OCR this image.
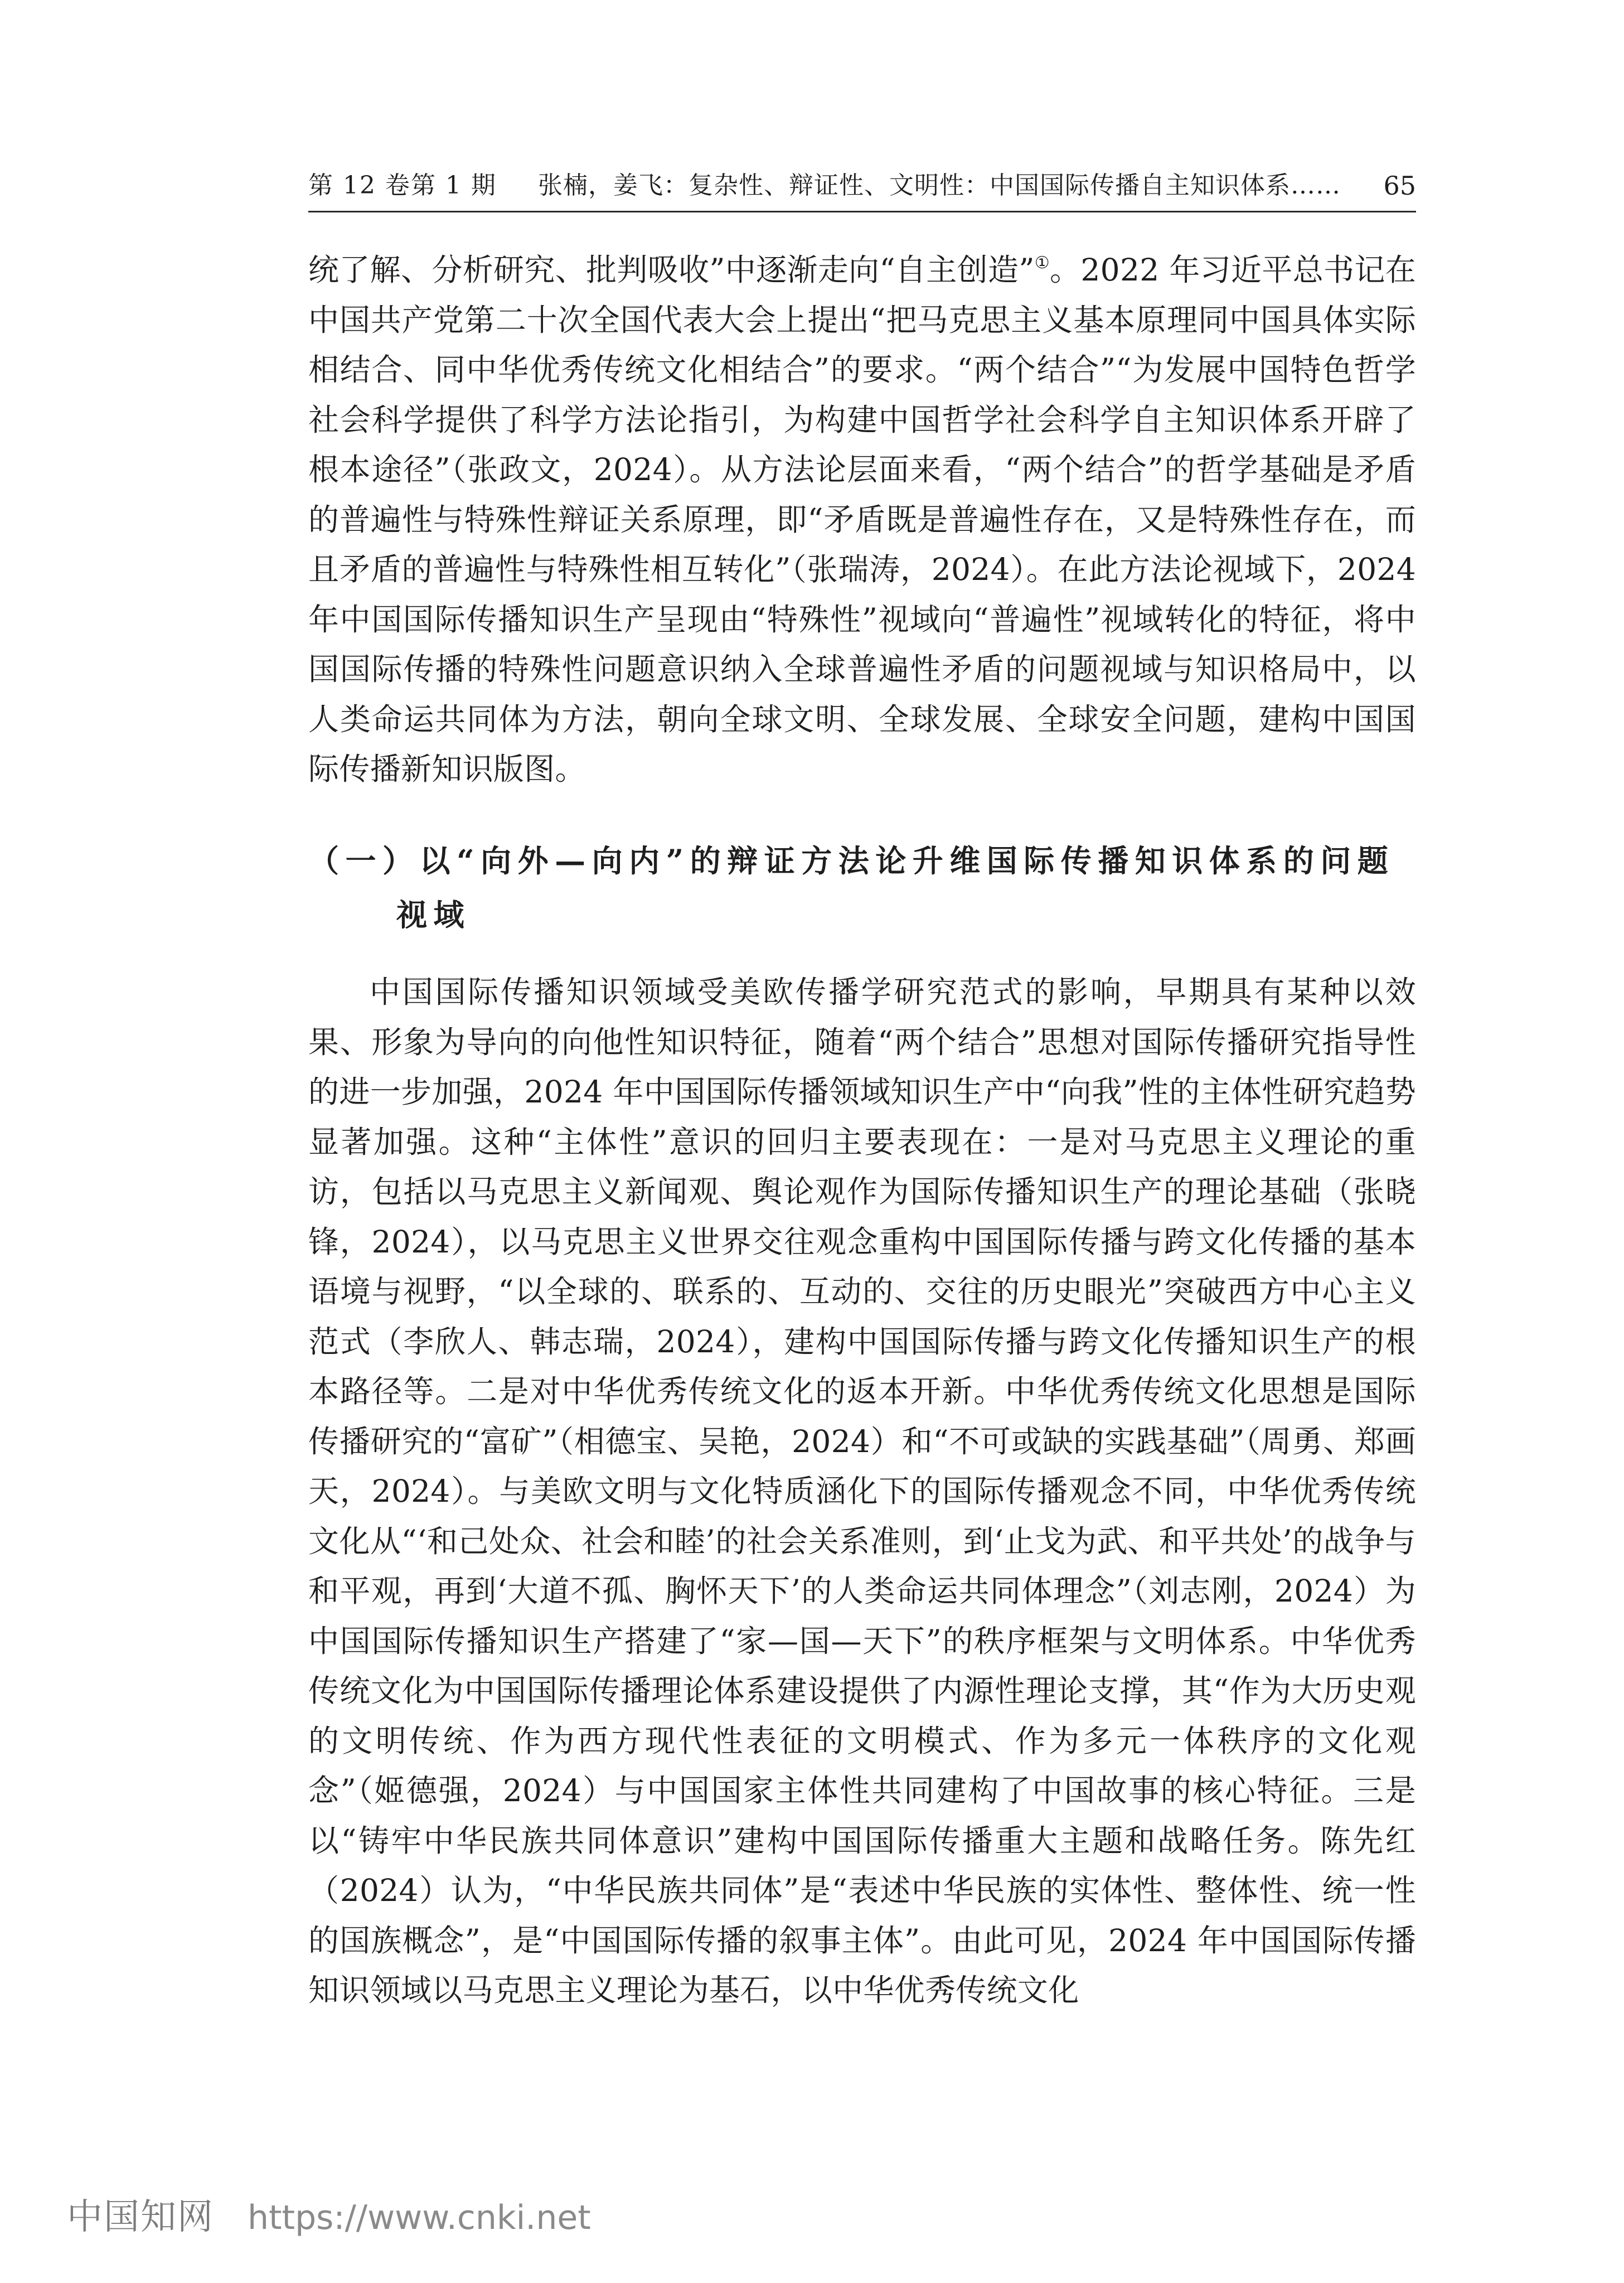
第 12 卷第 1 期 张楠，姜飞：复杂性、辩证性、文明性：中国国际传播自主知识体系…… 65

统了解、分析研究、批判吸收”中逐渐走向“自主创造”①。2022 年习近平总书记在中国共产党第二十次全国代表大会上提出“把马克思主义基本原理同中国具体实际相结合、同中华优秀传统文化相结合”的要求。“两个结合”“为发展中国特色哲学社会科学提供了科学方法论指引，为构建中国哲学社会科学自主知识体系开辟了根本途径”（张政文，2024）。从方法论层面来看，“两个结合”的哲学基础是矛盾的普遍性与特殊性辩证关系原理，即“矛盾既是普遍性存在，又是特殊性存在，而且矛盾的普遍性与特殊性相互转化”（张瑞涛，2024）。在此方法论视域下，2024 年中国国际传播知识生产呈现由“特殊性”视域向“普遍性”视域转化的特征，将中国国际传播的特殊性问题意识纳入全球普遍性矛盾的问题视域与知识格局中，以人类命运共同体为方法，朝向全球文明、全球发展、全球安全问题，建构中国国际传播新知识版图。

（一）以“向外—向内”的辩证方法论升维国际传播知识体系的问题
视域

中国国际传播知识领域受美欧传播学研究范式的影响，早期具有某种以效果、形象为导向的向他性知识特征，随着“两个结合”思想对国际传播研究指导性的进一步加强，2024 年中国国际传播领域知识生产中“向我”性的主体性研究趋势显著加强。这种“主体性”意识的回归主要表现在：一是对马克思主义理论的重访，包括以马克思主义新闻观、舆论观作为国际传播知识生产的理论基础（张晓锋，2024），以马克思主义世界交往观念重构中国国际传播与跨文化传播的基本语境与视野，“以全球的、联系的、互动的、交往的历史眼光”突破西方中心主义范式（李欣人、韩志瑞，2024），建构中国国际传播与跨文化传播知识生产的根本路径等。二是对中华优秀传统文化的返本开新。中华优秀传统文化思想是国际传播研究的“富矿”（相德宝、吴艳，2024）和“不可或缺的实践基础”（周勇、郑画天，2024）。与美欧文明与文化特质涵化下的国际传播观念不同，中华优秀传统文化从“‘和己处众、社会和睦’的社会关系准则，到‘止戈为武、和平共处’的战争与和平观，再到‘大道不孤、胸怀天下’的人类命运共同体理念”（刘志刚，2024）为中国国际传播知识生产搭建了“家—国—天下”的秩序框架与文明体系。中华优秀传统文化为中国国际传播理论体系建设提供了内源性理论支撑，其“作为大历史观的文明传统、作为西方现代性表征的文明模式、作为多元一体秩序的文化观念”（姬德强，2024）与中国国家主体性共同建构了中国故事的核心特征。三是以“铸牢中华民族共同体意识”建构中国国际传播重大主题和战略任务。陈先红（2024）认为，“中华民族共同体”是“表述中华民族的实体性、整体性、统一性的国族概念”，是“中国国际传播的叙事主体”。由此可见，2024 年中国国际传播知识领域以马克思主义理论为基石，以中华优秀传统文化

中国知网 https://www.cnki.net
